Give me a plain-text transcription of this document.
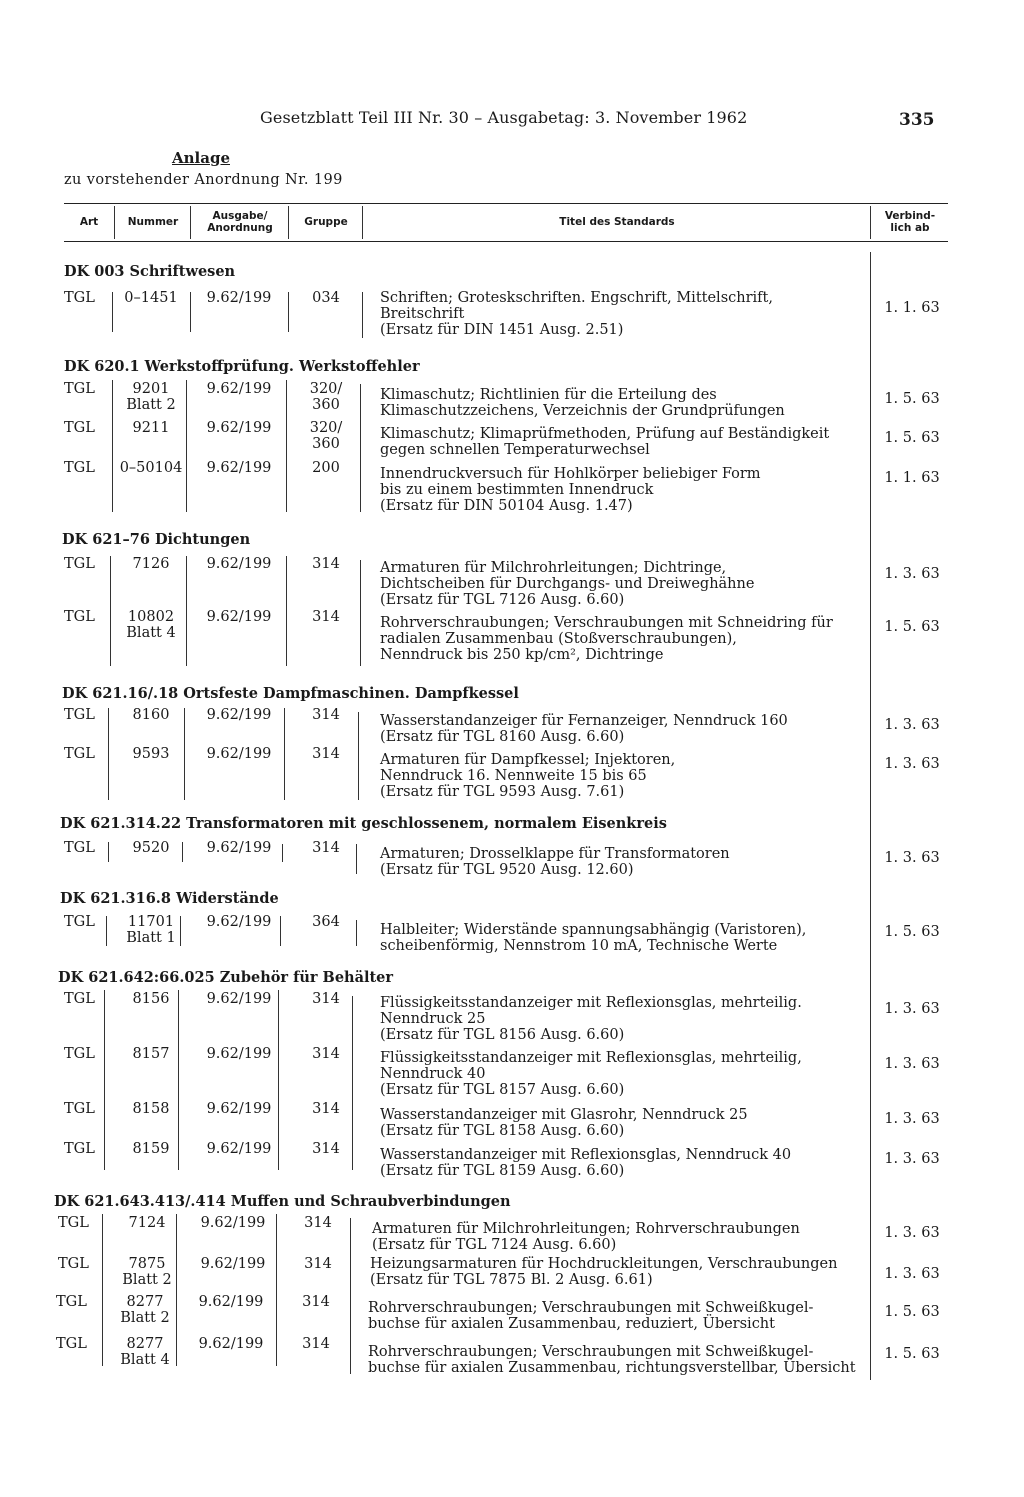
Gesetzblatt Teil III Nr. 30 – Ausgabetag: 3. November 1962	335
Anlage
zu vorstehender Anordnung Nr. 199
Art	Nummer	Ausgabe/
Anordnung	Gruppe	Titel des Standards	Verbind-
lich ab
DK 003 Schriftwesen
TGL	0–1451	9.62/199	034	Schriften; Groteskschriften. Engschrift, Mittelschrift,
Breitschrift
(Ersatz für DIN 1451 Ausg. 2.51)
1. 1. 63
DK 620.1 Werkstoffprüfung. Werkstoffehler
TGL	9201
Blatt 2
9.62/199	320/
360
Klimaschutz; Richtlinien für die Erteilung des
Klimaschutzzeichens, Verzeichnis der Grundprüfungen
1. 5. 63
TGL	9211	9.62/199	320/
360
Klimaschutz; Klimaprüfmethoden, Prüfung auf Beständigkeit
gegen schnellen Temperaturwechsel
1. 5. 63
TGL	0–50104	9.62/199	200	Innendruckversuch für Hohlkörper beliebiger Form
bis zu einem bestimmten Innendruck
(Ersatz für DIN 50104 Ausg. 1.47)
1. 1. 63
DK 621–76 Dichtungen
TGL	7126	9.62/199	314	Armaturen für Milchrohrleitungen; Dichtringe,
Dichtscheiben für Durchgangs- und Dreiweghähne
(Ersatz für TGL 7126 Ausg. 6.60)
1. 3. 63
TGL	10802
Blatt 4
9.62/199	314	Rohrverschraubungen; Verschraubungen mit Schneidring für
radialen Zusammenbau (Stoßverschraubungen),
Nenndruck bis 250 kp/cm², Dichtringe
1. 5. 63
DK 621.16/.18 Ortsfeste Dampfmaschinen. Dampfkessel
TGL	8160	9.62/199	314	Wasserstandanzeiger für Fernanzeiger, Nenndruck 160
(Ersatz für TGL 8160 Ausg. 6.60)
1. 3. 63
TGL	9593	9.62/199	314	Armaturen für Dampfkessel; Injektoren,
Nenndruck 16. Nennweite 15 bis 65
(Ersatz für TGL 9593 Ausg. 7.61)
1. 3. 63
DK 621.314.22 Transformatoren mit geschlossenem, normalem Eisenkreis
TGL	9520	9.62/199	314	Armaturen; Drosselklappe für Transformatoren
(Ersatz für TGL 9520 Ausg. 12.60)
1. 3. 63
DK 621.316.8 Widerstände
TGL	11701
Blatt 1
9.62/199	364	Halbleiter; Widerstände spannungsabhängig (Varistoren),
scheibenförmig, Nennstrom 10 mA, Technische Werte
1. 5. 63
DK 621.642:66.025 Zubehör für Behälter
TGL	8156	9.62/199	314	Flüssigkeitsstandanzeiger mit Reflexionsglas, mehrteilig.
Nenndruck 25
(Ersatz für TGL 8156 Ausg. 6.60)
1. 3. 63
TGL	8157	9.62/199	314	Flüssigkeitsstandanzeiger mit Reflexionsglas, mehrteilig,
Nenndruck 40
(Ersatz für TGL 8157 Ausg. 6.60)
1. 3. 63
TGL	8158	9.62/199	314	Wasserstandanzeiger mit Glasrohr, Nenndruck 25
(Ersatz für TGL 8158 Ausg. 6.60)
1. 3. 63
TGL	8159	9.62/199	314	Wasserstandanzeiger mit Reflexionsglas, Nenndruck 40
(Ersatz für TGL 8159 Ausg. 6.60)
1. 3. 63
DK 621.643.413/.414 Muffen und Schraubverbindungen
TGL	7124	9.62/199	314	Armaturen für Milchrohrleitungen; Rohrverschraubungen
(Ersatz für TGL 7124 Ausg. 6.60)
1. 3. 63
TGL	7875
Blatt 2
9.62/199	314	Heizungsarmaturen für Hochdruckleitungen, Verschraubungen
(Ersatz für TGL 7875 Bl. 2 Ausg. 6.61)	1. 3. 63
TGL	8277
Blatt 2
9.62/199	314	Rohrverschraubungen; Verschraubungen mit Schweißkugel-
buchse für axialen Zusammenbau, reduziert, Übersicht
1. 5. 63
TGL	8277
Blatt 4
9.62/199	314	Rohrverschraubungen; Verschraubungen mit Schweißkugel-
buchse für axialen Zusammenbau, richtungsverstellbar, Übersicht
1. 5. 63
